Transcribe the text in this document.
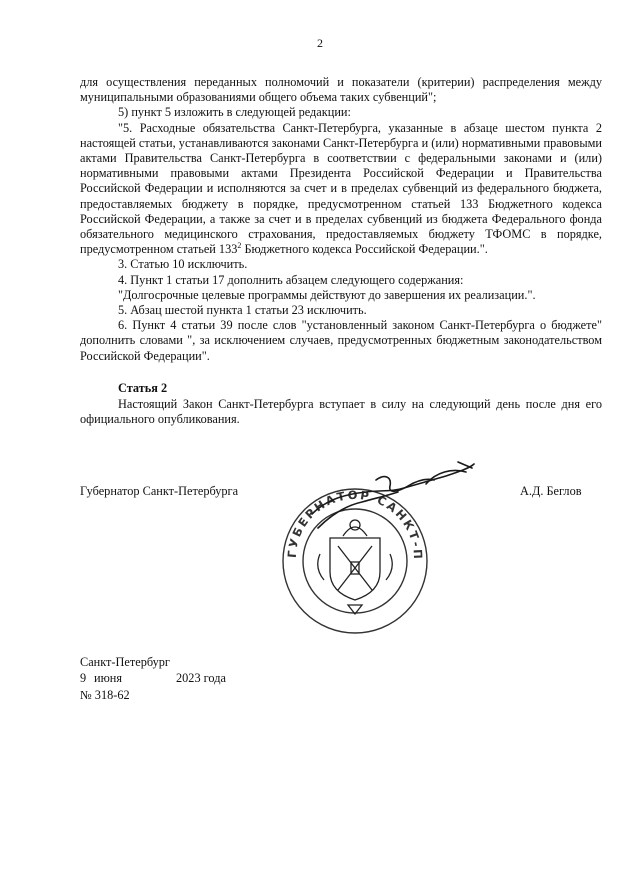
2

для осуществления переданных полномочий и показатели (критерии) распределения между муниципальными образованиями общего объема таких субвенций";

5) пункт 5 изложить в следующей редакции:

"5. Расходные обязательства Санкт-Петербурга, указанные в абзаце шестом пункта 2 настоящей статьи, устанавливаются законами Санкт-Петербурга и (или) нормативными правовыми актами Правительства Санкт-Петербурга в соответствии с федеральными законами и (или) нормативными правовыми актами Президента Российской Федерации и Правительства Российской Федерации и исполняются за счет и в пределах субвенций из федерального бюджета, предоставляемых бюджету в порядке, предусмотренном статьей 133 Бюджетного кодекса Российской Федерации, а также за счет и в пределах субвенций из бюджета Федерального фонда обязательного медицинского страхования, предоставляемых бюджету ТФОМС в порядке, предусмотренном статьей $133^2$ Бюджетного кодекса Российской Федерации.".

3. Статью 10 исключить.

4. Пункт 1 статьи 17 дополнить абзацем следующего содержания:

"Долгосрочные целевые программы действуют до завершения их реализации.".

5. Абзац шестой пункта 1 статьи 23 исключить.

6. Пункт 4 статьи 39 после слов "установленный законом Санкт-Петербурга о бюджете" дополнить словами ", за исключением случаев, предусмотренных бюджетным законодательством Российской Федерации".

Статья 2
Настоящий Закон Санкт-Петербурга вступает в силу на следующий день после дня его официального опубликования.
Губернатор Санкт-Петербурга	А.Д. Беглов
ГУБЕРНАТОР САНКТ-П
Санкт-Петербург
9 июня	2023 года
№ 318-62
